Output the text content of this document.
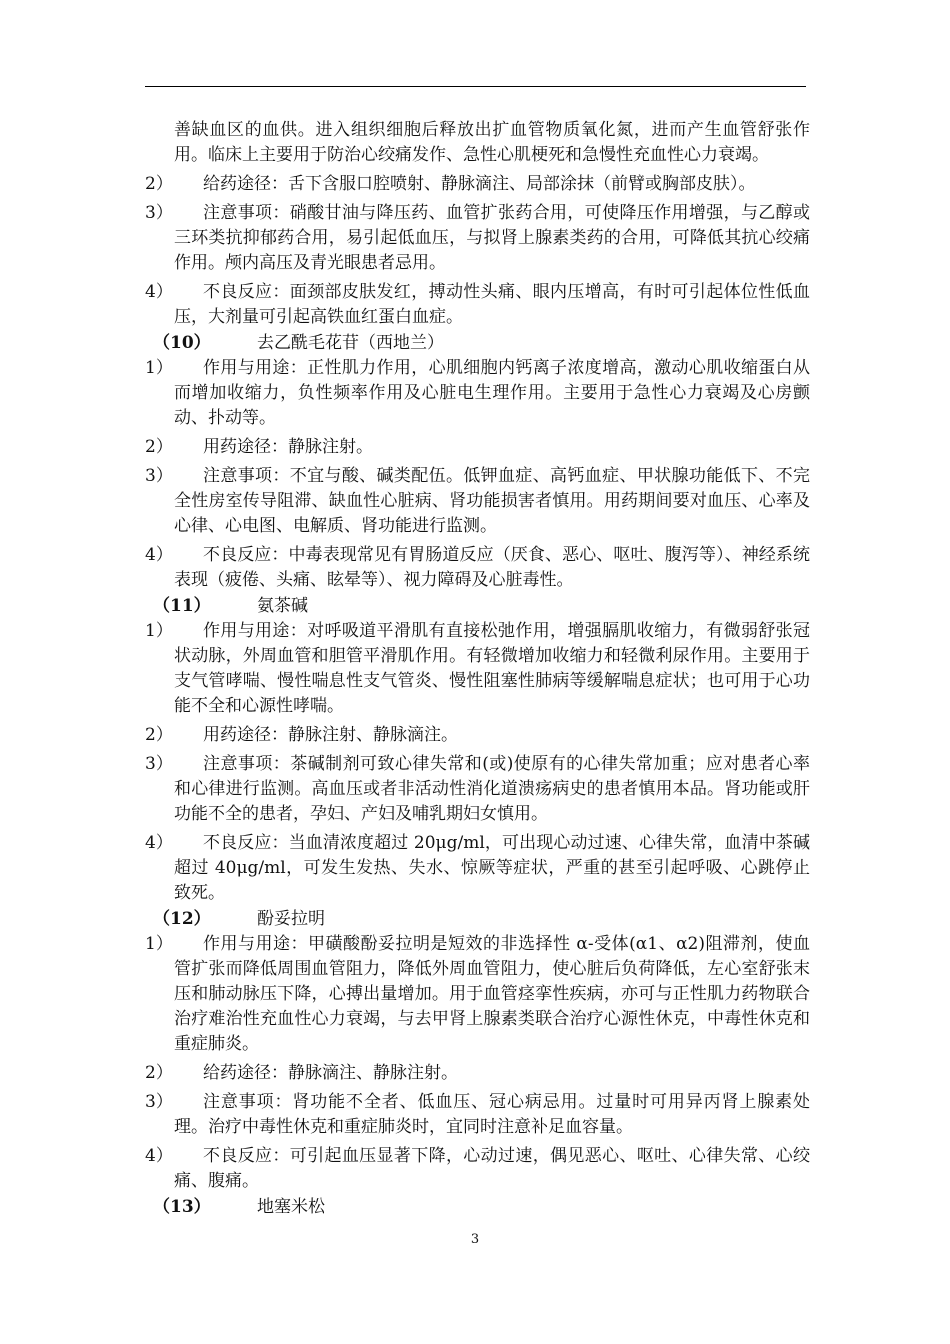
善缺血区的血供。进入组织细胞后释放出扩血管物质氧化氮，进而产生血管舒张作用。临床上主要用于防治心绞痛发作、急性心肌梗死和急慢性充血性心力衰竭。
2）	给药途径：舌下含服口腔喷射、静脉滴注、局部涂抹（前臂或胸部皮肤）。
3）	注意事项：硝酸甘油与降压药、血管扩张药合用，可使降压作用增强，与乙醇或三环类抗抑郁药合用，易引起低血压，与拟肾上腺素类药的合用，可降低其抗心绞痛作用。颅内高压及青光眼患者忌用。
4）	不良反应：面颈部皮肤发红，搏动性头痛、眼内压增高，有时可引起体位性低血压，大剂量可引起高铁血红蛋白血症。
（10）	去乙酰毛花苷（西地兰）
1）	作用与用途：正性肌力作用，心肌细胞内钙离子浓度增高，激动心肌收缩蛋白从而增加收缩力，负性频率作用及心脏电生理作用。主要用于急性心力衰竭及心房颤动、扑动等。
2）	用药途径：静脉注射。
3）	注意事项：不宜与酸、碱类配伍。低钾血症、高钙血症、甲状腺功能低下、不完全性房室传导阻滞、缺血性心脏病、肾功能损害者慎用。用药期间要对血压、心率及心律、心电图、电解质、肾功能进行监测。
4）	不良反应：中毒表现常见有胃肠道反应（厌食、恶心、呕吐、腹泻等）、神经系统表现（疲倦、头痛、眩晕等）、视力障碍及心脏毒性。
（11）	氨茶碱
1）	作用与用途：对呼吸道平滑肌有直接松弛作用，增强膈肌收缩力，有微弱舒张冠状动脉，外周血管和胆管平滑肌作用。有轻微增加收缩力和轻微利尿作用。主要用于支气管哮喘、慢性喘息性支气管炎、慢性阻塞性肺病等缓解喘息症状；也可用于心功能不全和心源性哮喘。
2）	用药途径：静脉注射、静脉滴注。
3）	注意事项：茶碱制剂可致心律失常和(或)使原有的心律失常加重；应对患者心率和心律进行监测。高血压或者非活动性消化道溃疡病史的患者慎用本品。肾功能或肝功能不全的患者，孕妇、产妇及哺乳期妇女慎用。
4）	不良反应：当血清浓度超过 20μg/ml，可出现心动过速、心律失常，血清中茶碱超过 40μg/ml，可发生发热、失水、惊厥等症状，严重的甚至引起呼吸、心跳停止致死。
（12）	酚妥拉明
1）	作用与用途：甲磺酸酚妥拉明是短效的非选择性 α-受体(α1、α2)阻滞剂，使血管扩张而降低周围血管阻力，降低外周血管阻力，使心脏后负荷降低，左心室舒张末压和肺动脉压下降，心搏出量增加。用于血管痉挛性疾病，亦可与正性肌力药物联合治疗难治性充血性心力衰竭，与去甲肾上腺素类联合治疗心源性休克，中毒性休克和重症肺炎。
2）	给药途径：静脉滴注、静脉注射。
3）	注意事项：肾功能不全者、低血压、冠心病忌用。过量时可用异丙肾上腺素处理。治疗中毒性休克和重症肺炎时，宜同时注意补足血容量。
4）	不良反应：可引起血压显著下降，心动过速，偶见恶心、呕吐、心律失常、心绞痛、腹痛。
（13）	地塞米松
3
